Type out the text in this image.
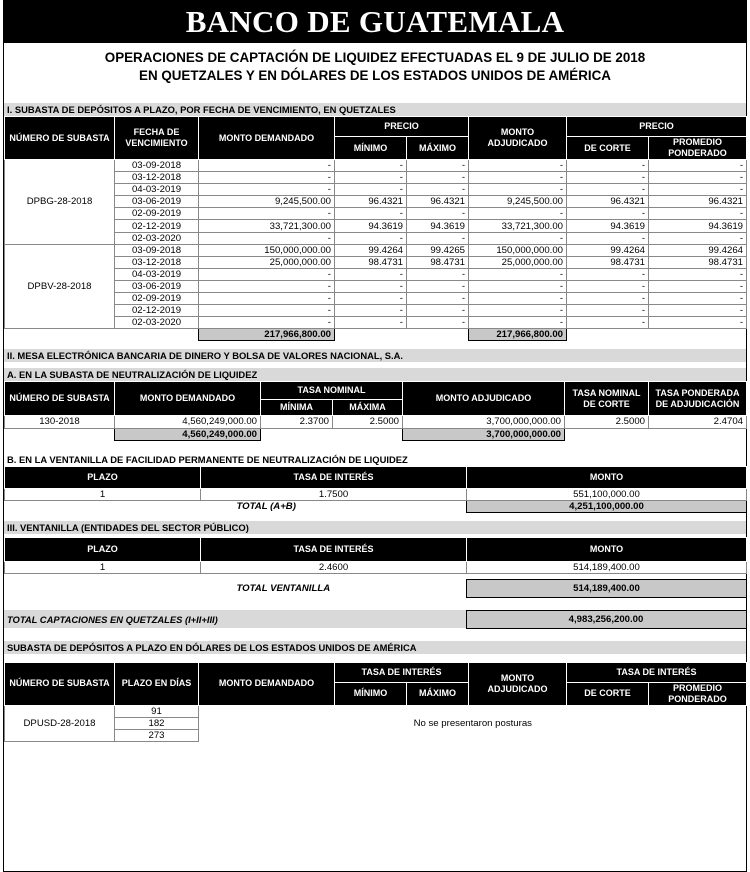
BANCO DE GUATEMALA
OPERACIONES DE CAPTACIÓN DE LIQUIDEZ EFECTUADAS EL 9 DE JULIO DE 2018
EN QUETZALES Y EN DÓLARES DE LOS ESTADOS UNIDOS DE AMÉRICA
I. SUBASTA DE DEPÓSITOS A PLAZO, POR FECHA DE VENCIMIENTO, EN QUETZALES
NÚMERO DE SUBASTA	FECHA DE VENCIMIENTO	MONTO DEMANDADO	PRECIO		MONTO ADJUDICADO	PRECIO	
			MÍNIMO	MÁXIMO		DE CORTE	PROMEDIO PONDERADO
DPBG-28-2018	03-09-2018	-	-	-	-	-	-
	03-12-2018	-	-	-	-	-	-
	04-03-2019	-	-	-	-	-	-
	03-06-2019	9,245,500.00	96.4321	96.4321	9,245,500.00	96.4321	96.4321
	02-09-2019	-	-	-	-	-	-
	02-12-2019	33,721,300.00	94.3619	94.3619	33,721,300.00	94.3619	94.3619
	02-03-2020	-	-	-	-	-	-
DPBV-28-2018	03-09-2018	150,000,000.00	99.4264	99.4265	150,000,000.00	99.4264	99.4264
	03-12-2018	25,000,000.00	98.4731	98.4731	25,000,000.00	98.4731	98.4731
	04-03-2019	-	-	-	-	-	-
	03-06-2019	-	-	-	-	-	-
	02-09-2019	-	-	-	-	-	-
	02-12-2019	-	-	-	-	-	-
	02-03-2020	-	-	-	-	-	-
		217,966,800.00			217,966,800.00		
II. MESA ELECTRÓNICA BANCARIA DE DINERO Y BOLSA DE VALORES NACIONAL, S.A.
A. EN LA SUBASTA DE NEUTRALIZACIÓN DE LIQUIDEZ
NÚMERO DE SUBASTA	MONTO DEMANDADO	TASA NOMINAL		MONTO ADJUDICADO	TASA NOMINAL DE CORTE	TASA PONDERADA DE ADJUDICACIÓN
		MÍNIMA	MÁXIMA			
130-2018	4,560,249,000.00	2.3700	2.5000	3,700,000,000.00	2.5000	2.4704
	4,560,249,000.00			3,700,000,000.00		
B. EN LA VENTANILLA DE FACILIDAD PERMANENTE DE NEUTRALIZACIÓN DE LIQUIDEZ
PLAZO	TASA DE INTERÉS	MONTO
1	1.7500	551,100,000.00
TOTAL (A+B)		4,251,100,000.00
III. VENTANILLA (ENTIDADES DEL SECTOR PÚBLICO)
PLAZO	TASA DE INTERÉS	MONTO
1	2.4600	514,189,400.00

TOTAL VENTANILLA		514,189,400.00
TOTAL CAPTACIONES EN QUETZALES (I+II+III)	4,983,256,200.00
SUBASTA DE DEPÓSITOS A PLAZO EN DÓLARES DE LOS ESTADOS UNIDOS DE AMÉRICA
NÚMERO DE SUBASTA	PLAZO EN DÍAS	MONTO DEMANDADO	TASA DE INTERÉS		MONTO ADJUDICADO	TASA DE INTERÉS	
			MÍNIMO	MÁXIMO		DE CORTE	PROMEDIO PONDERADO
DPUSD-28-2018	91	No se presentaron posturas					
	182						
	273						
